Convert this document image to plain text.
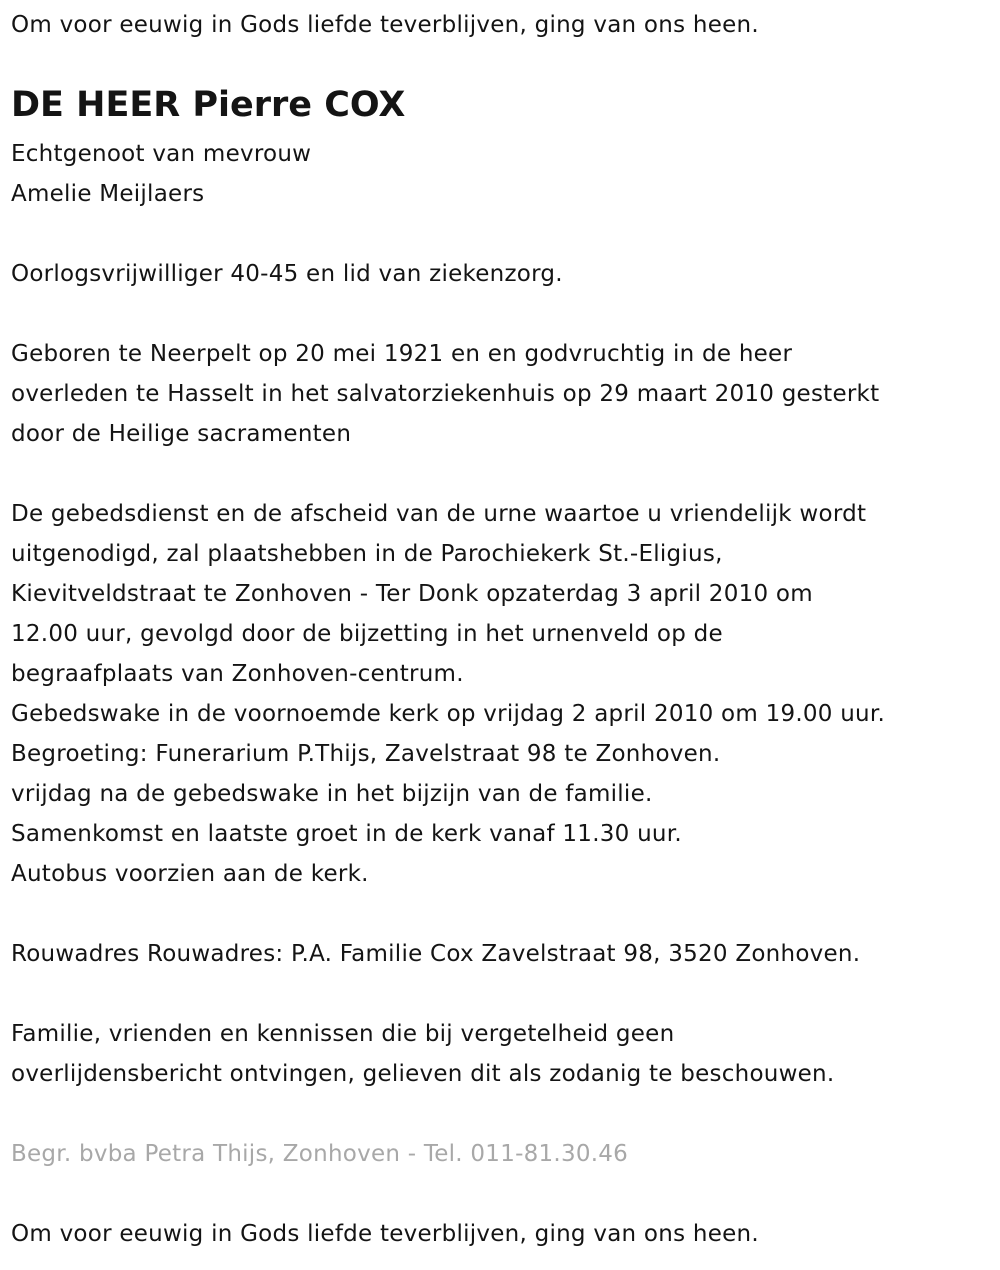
Om voor eeuwig in Gods liefde teverblijven, ging van ons heen.
DE HEER Pierre COX
Echtgenoot van mevrouw
Amelie Meijlaers
Oorlogsvrijwilliger 40-45 en lid van ziekenzorg.
Geboren te Neerpelt op 20 mei 1921 en en godvruchtig in de heer
overleden te Hasselt in het salvatorziekenhuis op 29 maart 2010 gesterkt
door de Heilige sacramenten
De gebedsdienst en de afscheid van de urne waartoe u vriendelijk wordt
uitgenodigd, zal plaatshebben in de Parochiekerk St.-Eligius,
Kievitveldstraat te Zonhoven - Ter Donk opzaterdag 3 april 2010 om
12.00 uur, gevolgd door de bijzetting in het urnenveld op de
begraafplaats van Zonhoven-centrum.
Gebedswake in de voornoemde kerk op vrijdag 2 april 2010 om 19.00 uur.
Begroeting: Funerarium P.Thijs, Zavelstraat 98 te Zonhoven.
vrijdag na de gebedswake in het bijzijn van de familie.
Samenkomst en laatste groet in de kerk vanaf 11.30 uur.
Autobus voorzien aan de kerk.
Rouwadres Rouwadres: P.A. Familie Cox Zavelstraat 98, 3520 Zonhoven.
Familie, vrienden en kennissen die bij vergetelheid geen
overlijdensbericht ontvingen, gelieven dit als zodanig te beschouwen.
Begr. bvba Petra Thijs, Zonhoven - Tel. 011-81.30.46
Om voor eeuwig in Gods liefde teverblijven, ging van ons heen.
